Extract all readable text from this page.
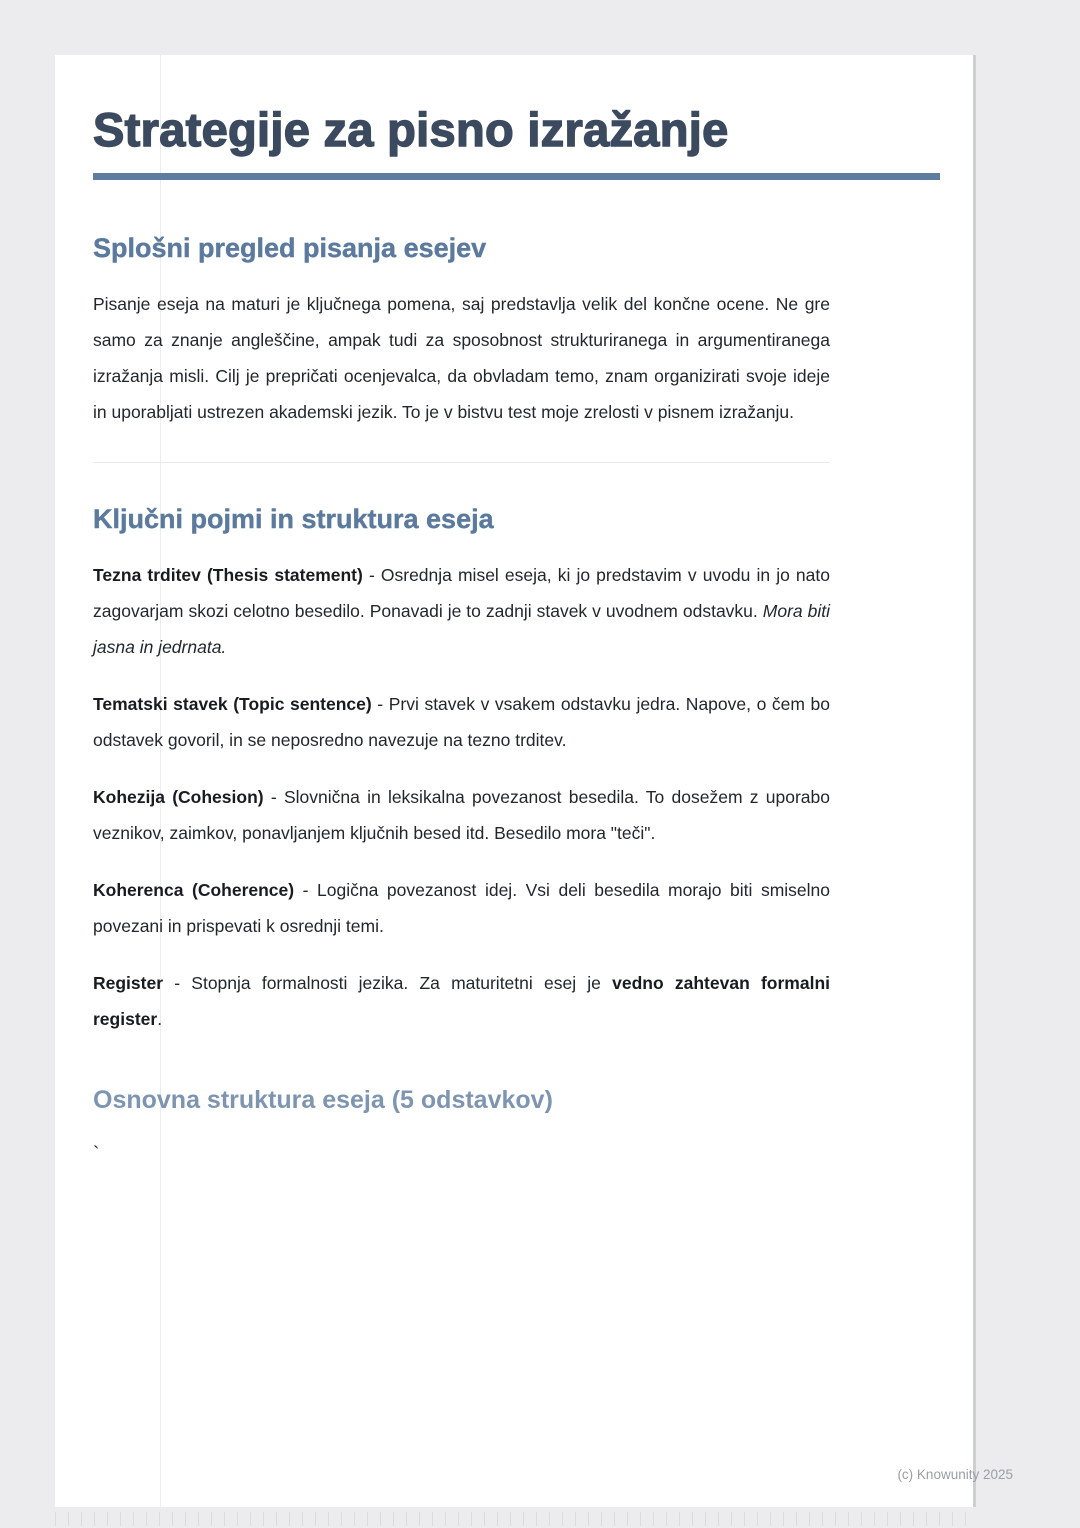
Strategije za pisno izražanje
Splošni pregled pisanja esejev

Pisanje eseja na maturi je ključnega pomena, saj predstavlja velik del končne ocene. Ne gre samo za znanje angleščine, ampak tudi za sposobnost strukturiranega in argumentiranega izražanja misli. Cilj je prepričati ocenjevalca, da obvladam temo, znam organizirati svoje ideje in uporabljati ustrezen akademski jezik. To je v bistvu test moje zrelosti v pisnem izražanju.

Ključni pojmi in struktura eseja

Tezna trditev (Thesis statement) - Osrednja misel eseja, ki jo predstavim v uvodu in jo nato zagovarjam skozi celotno besedilo. Ponavadi je to zadnji stavek v uvodnem odstavku. Mora biti jasna in jedrnata.

Tematski stavek (Topic sentence) - Prvi stavek v vsakem odstavku jedra. Napove, o čem bo odstavek govoril, in se neposredno navezuje na tezno trditev.

Kohezija (Cohesion) - Slovnična in leksikalna povezanost besedila. To dosežem z uporabo veznikov, zaimkov, ponavljanjem ključnih besed itd. Besedilo mora "teči".

Koherenca (Coherence) - Logična povezanost idej. Vsi deli besedila morajo biti smiselno povezani in prispevati k osrednji temi.

Register - Stopnja formalnosti jezika. Za maturitetni esej je vedno zahtevan formalni register.

Osnovna struktura eseja (5 odstavkov)
`
(c) Knowunity 2025
